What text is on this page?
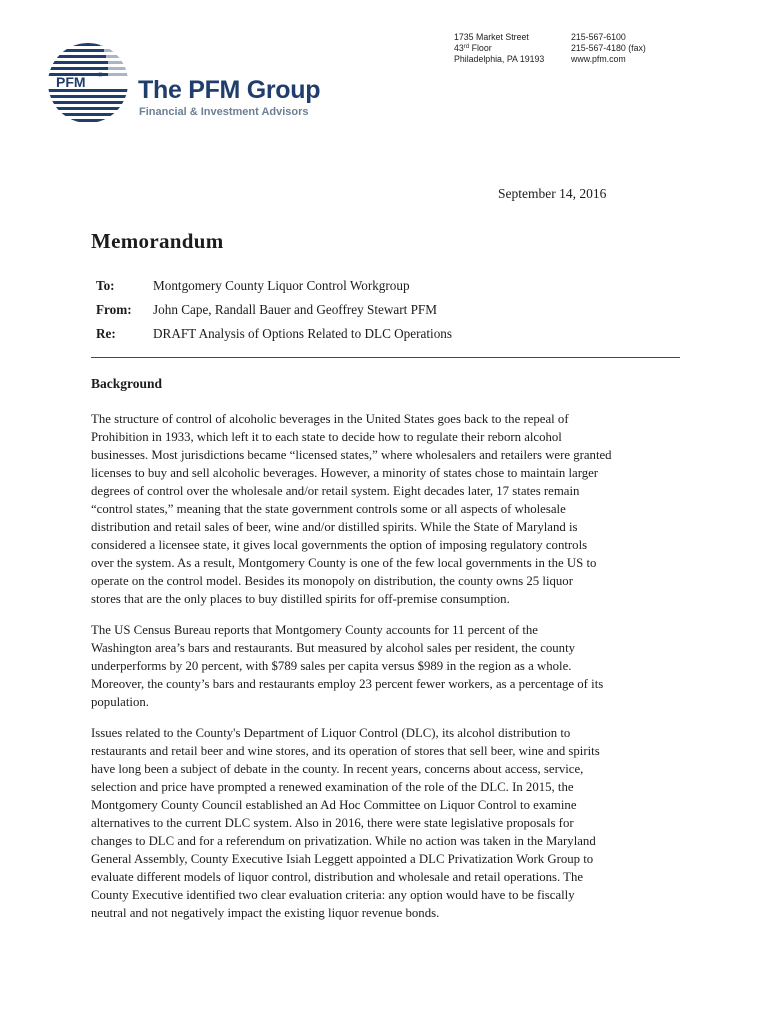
PFM ® The PFM Group
Financial & Investment Advisors
1735 Market Street
43rd Floor
Philadelphia, PA 19193
215-567-6100
215-567-4180 (fax)
www.pfm.com
September 14, 2016
Memorandum
To:	Montgomery County Liquor Control Workgroup
From: John Cape, Randall Bauer and Geoffrey Stewart PFM
Re:	DRAFT Analysis of Options Related to DLC Operations
Background
The structure of control of alcoholic beverages in the United States goes back to the repeal of
Prohibition in 1933, which left it to each state to decide how to regulate their reborn alcohol
businesses. Most jurisdictions became “licensed states,” where wholesalers and retailers were granted
licenses to buy and sell alcoholic beverages. However, a minority of states chose to maintain larger
degrees of control over the wholesale and/or retail system. Eight decades later, 17 states remain
“control states,” meaning that the state government controls some or all aspects of wholesale
distribution and retail sales of beer, wine and/or distilled spirits. While the State of Maryland is
considered a licensee state, it gives local governments the option of imposing regulatory controls
over the system. As a result, Montgomery County is one of the few local governments in the US to
operate on the control model. Besides its monopoly on distribution, the county owns 25 liquor
stores that are the only places to buy distilled spirits for off-premise consumption.
The US Census Bureau reports that Montgomery County accounts for 11 percent of the
Washington area’s bars and restaurants. But measured by alcohol sales per resident, the county
underperforms by 20 percent, with $789 sales per capita versus $989 in the region as a whole.
Moreover, the county’s bars and restaurants employ 23 percent fewer workers, as a percentage of its
population.
Issues related to the County's Department of Liquor Control (DLC), its alcohol distribution to
restaurants and retail beer and wine stores, and its operation of stores that sell beer, wine and spirits
have long been a subject of debate in the county. In recent years, concerns about access, service,
selection and price have prompted a renewed examination of the role of the DLC. In 2015, the
Montgomery County Council established an Ad Hoc Committee on Liquor Control to examine
alternatives to the current DLC system. Also in 2016, there were state legislative proposals for
changes to DLC and for a referendum on privatization. While no action was taken in the Maryland
General Assembly, County Executive Isiah Leggett appointed a DLC Privatization Work Group to
evaluate different models of liquor control, distribution and wholesale and retail operations. The
County Executive identified two clear evaluation criteria: any option would have to be fiscally
neutral and not negatively impact the existing liquor revenue bonds.
